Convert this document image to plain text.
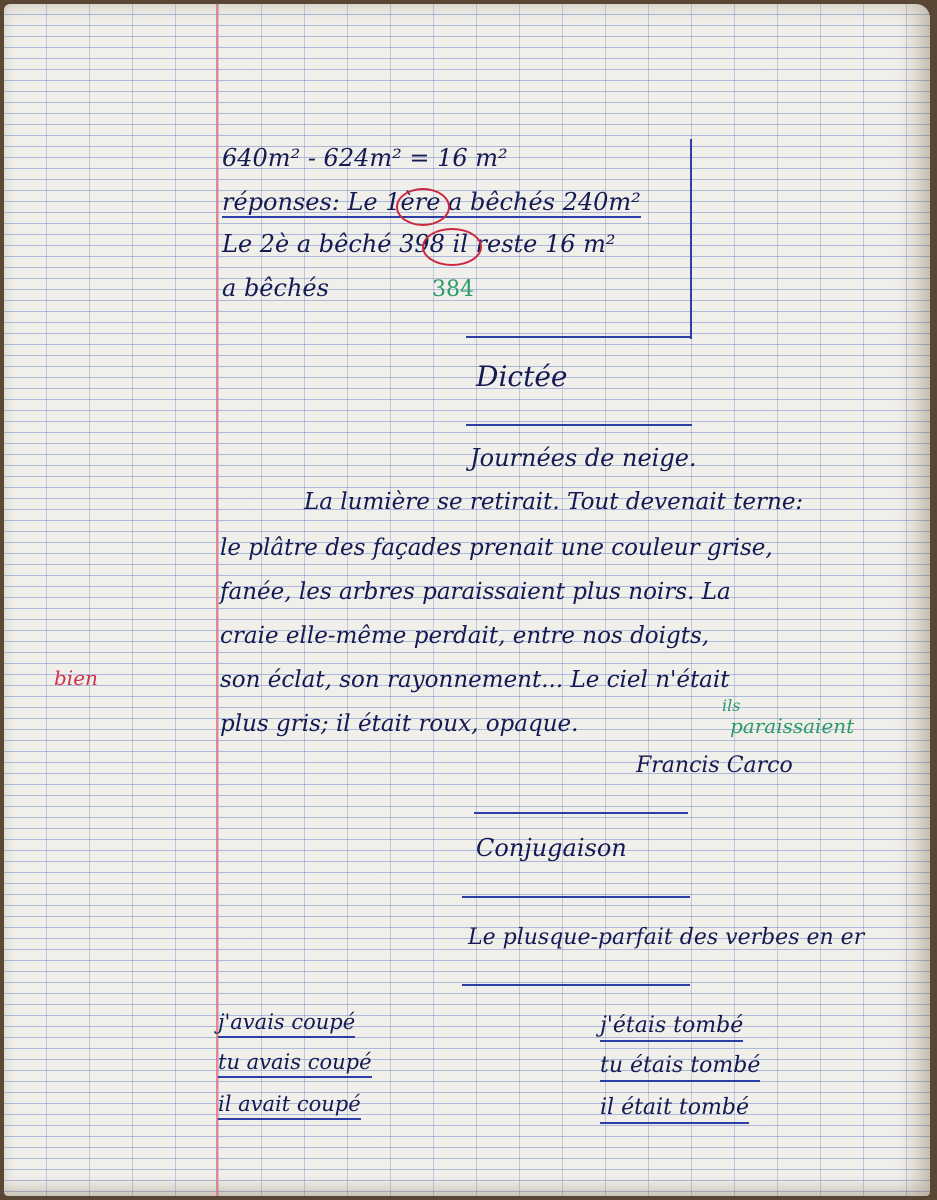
640m² - 624m² = 16 m²
réponses: Le 1ère a bêchés 240m²
Le 2è a bêché 398 il reste 16 m²
a bêchés	384
Dictée
Journées de neige.
La lumière se retirait. Tout devenait terne:
le plâtre des façades prenait une couleur grise,
fanée, les arbres paraissaient plus noirs. La
craie elle-même perdait, entre nos doigts,
son éclat, son rayonnement... Le ciel n'était
plus gris; il était roux, opaque.	paraissaient
ils
bien
Francis Carco
Conjugaison
Le plusque-parfait des verbes en er
j'avais coupé
tu avais coupé
il avait coupé
j'étais tombé
tu étais tombé
il était tombé
